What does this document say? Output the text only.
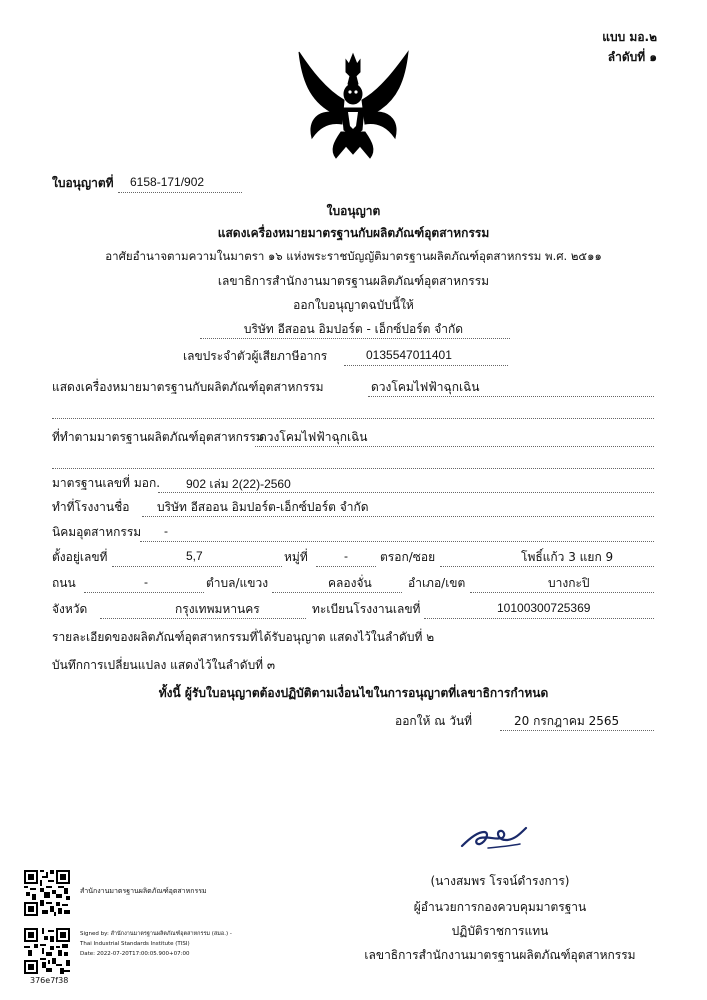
แบบ มอ.๒
ลำดับที่ ๑
ใบอนุญาตที่ 6158-171/902
ใบอนุญาต
แสดงเครื่องหมายมาตรฐานกับผลิตภัณฑ์อุตสาหกรรม
อาศัยอำนาจตามความในมาตรา ๑๖ แห่งพระราชบัญญัติมาตรฐานผลิตภัณฑ์อุตสาหกรรม พ.ศ. ๒๕๑๑
เลขาธิการสำนักงานมาตรฐานผลิตภัณฑ์อุตสาหกรรม
ออกใบอนุญาตฉบับนี้ให้
บริษัท อีสออน อิมปอร์ต - เอ็กซ์ปอร์ต จำกัด
เลขประจำตัวผู้เสียภาษีอากร	0135547011401
แสดงเครื่องหมายมาตรฐานกับผลิตภัณฑ์อุตสาหกรรม	ดวงโคมไฟฟ้าฉุกเฉิน
ที่ทำตามมาตรฐานผลิตภัณฑ์อุตสาหกรรม
ดวงโคมไฟฟ้าฉุกเฉิน
มาตรฐานเลขที่ มอก. 902 เล่ม 2(22)-2560
ทำที่โรงงานชื่อ บริษัท อีสออน อิมปอร์ต-เอ็กซ์ปอร์ต จำกัด
นิคมอุตสาหกรรม -
ตั้งอยู่เลขที่	5,7	หมู่ที่	-	ตรอก/ซอย	โพธิ์แก้ว 3 แยก 9
ถนน	-	ตำบล/แขวง	คลองจั่น	อำเภอ/เขต	บางกะปิ
จังหวัด	กรุงเทพมหานคร	ทะเบียนโรงงานเลขที่	10100300725369
รายละเอียดของผลิตภัณฑ์อุตสาหกรรมที่ได้รับอนุญาต แสดงไว้ในลำดับที่ ๒
บันทึกการเปลี่ยนแปลง แสดงไว้ในลำดับที่ ๓
ทั้งนี้ ผู้รับใบอนุญาตต้องปฏิบัติตามเงื่อนไขในการอนุญาตที่เลขาธิการกำหนด
ออกให้ ณ วันที่	20 กรกฎาคม 2565
(นางสมพร โรจน์ดำรงการ)
ผู้อำนวยการกองควบคุมมาตรฐาน
ปฏิบัติราชการแทน
เลขาธิการสำนักงานมาตรฐานผลิตภัณฑ์อุตสาหกรรม
สำนักงานมาตรฐานผลิตภัณฑ์อุตสาหกรรม
Signed by: สำนักงานมาตรฐานผลิตภัณฑ์อุตสาหกรรม (สมอ.) -
Thai Industrial Standards Institute (TISI)
Date: 2022-07-20T17:00:05.900+07:00
376e7f38
